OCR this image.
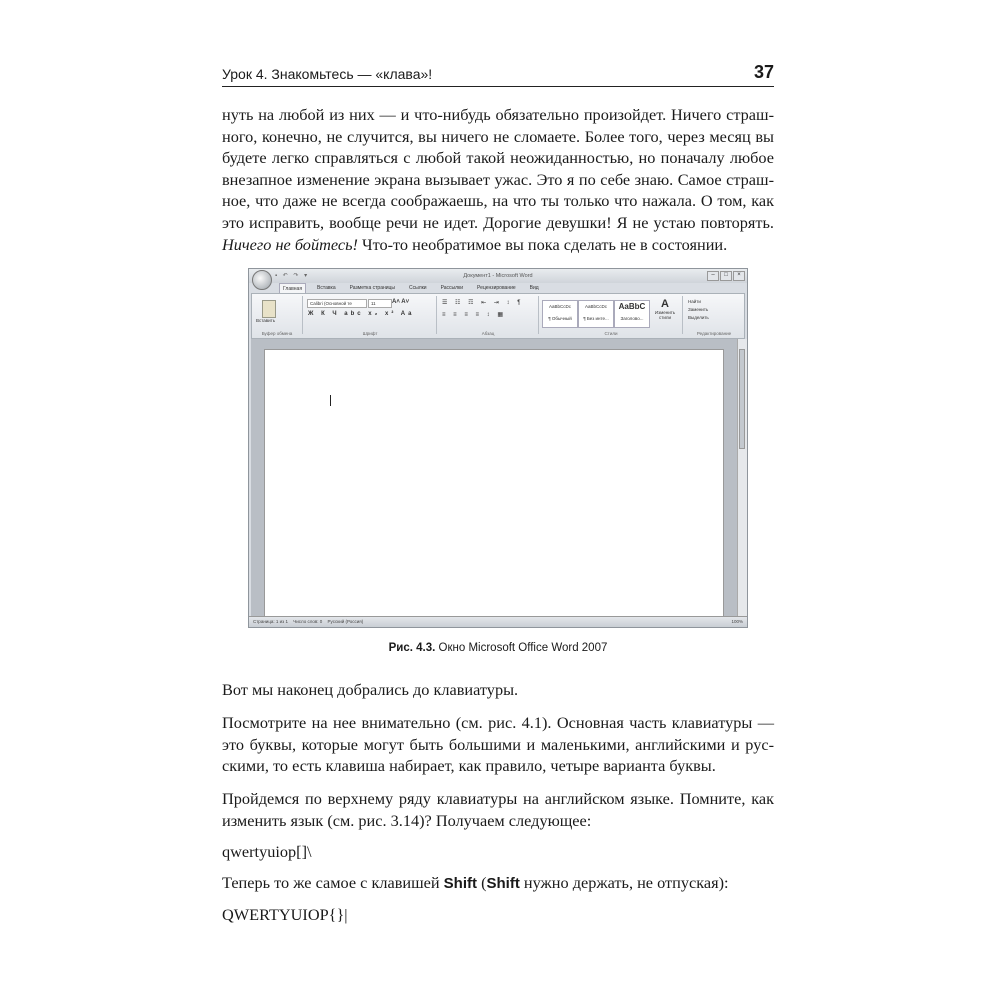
Урок 4. Знакомьтесь — «клава»!	37
нуть на любой из них — и что-нибудь обязательно произойдет. Ничего страш-
ного, конечно, не случится, вы ничего не сломаете. Более того, через месяц вы
будете легко справляться с любой такой неожиданностью, но поначалу любое
внезапное изменение экрана вызывает ужас. Это я по себе знаю. Самое страш-
ное, что даже не всегда соображаешь, на что ты только что нажала. О том, как
это исправить, вообще речи не идет. Дорогие девушки! Я не устаю повторять.
Ничего не бойтесь! Что-то необратимое вы пока сделать не в состоянии.
Документ1 - Microsoft Word
▪ ↶ ↷ ▾	–	□	×
Главная	Вставка	Разметка страницы	Ссылки	Рассылки	Рецензирование	Вид
Вставить
Буфер обмена
Calibri (Основной те	11	A˄ A˅
Ж К Ч abc x₂ x² Aa
Шрифт
☰ ☷ ☶ ⇤ ⇥ ↕ ¶
≡ ≡ ≡ ≡ ↕ ▦
Абзац
AaBbCcDc
¶ Обычный
AaBbCcDc
¶ Без инте...
AaBbC
Заголово...
A
Изменить стили
Стили
Найти
Заменить
Выделить
Редактирование
Страница: 1 из 1 Число слов: 0 Русский (Россия)	100%
Рис. 4.3. Окно Microsoft Office Word 2007

Вот мы наконец добрались до клавиатуры.

Посмотрите на нее внимательно (см. рис. 4.1). Основная часть клавиатуры —
это буквы, которые могут быть большими и маленькими, английскими и рус-
скими, то есть клавиша набирает, как правило, четыре варианта буквы.
Пройдемся по верхнему ряду клавиатуры на английском языке. Помните, как
изменить язык (см. рис. 3.14)? Получаем следующее:

qwertyuiop[]\

Теперь то же самое с клавишей Shift (Shift нужно держать, не отпуская):

QWERTYUIOP{}|
